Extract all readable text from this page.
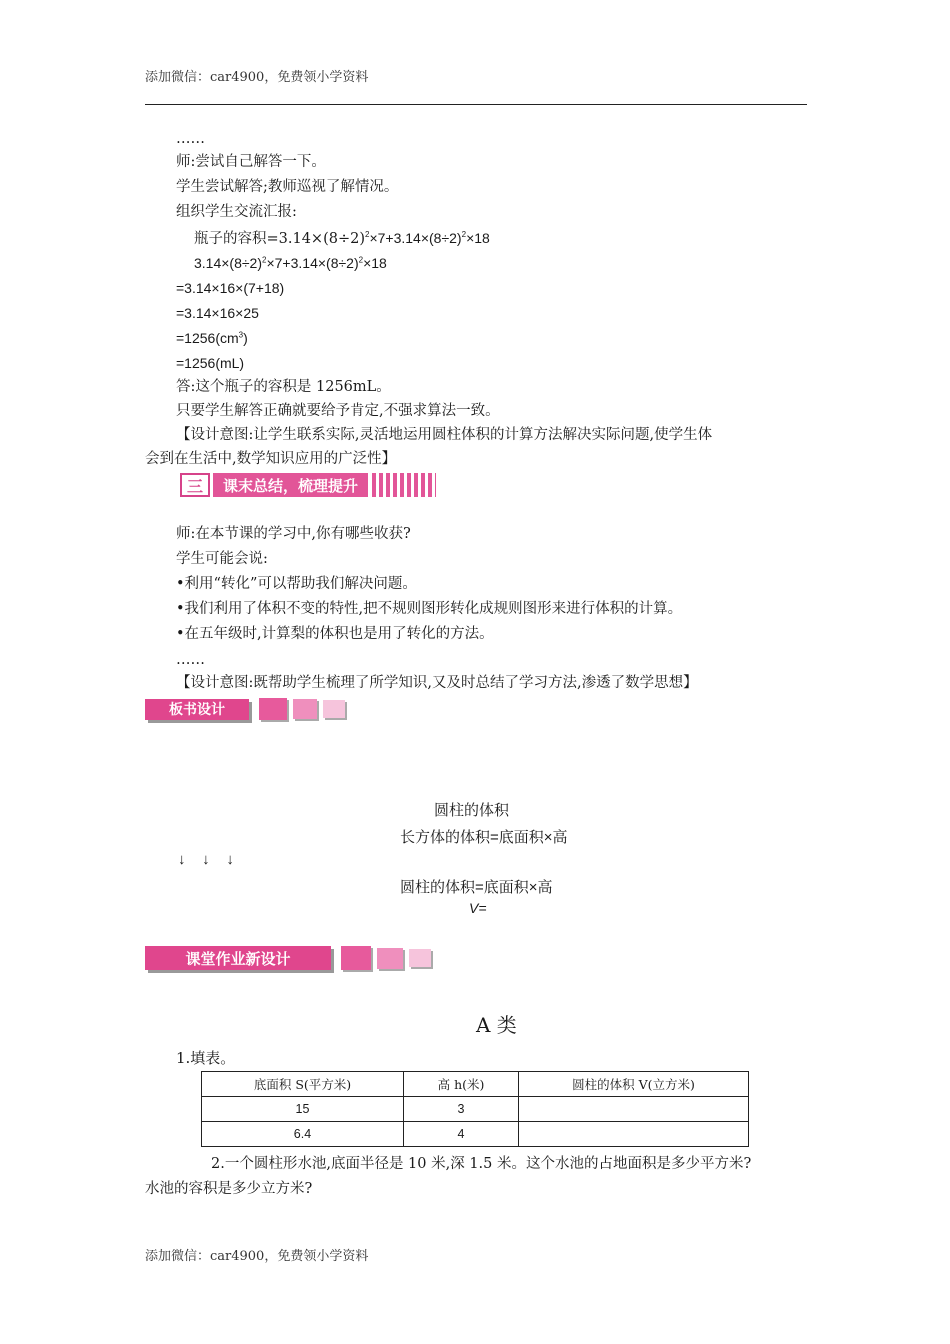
添加微信：car4900，免费领小学资料
……
师:尝试自己解答一下。
学生尝试解答;教师巡视了解情况。
组织学生交流汇报:
瓶子的容积$=3.14\times(8\div 2)^2\times 7+3.14\times(8\div 2)^2\times 18$
$3.14\times(8\div 2)^2\times 7+3.14\times(8\div 2)^2\times 18$
=3.14×16×(7+18)
=3.14×16×25
$=1256(cm^3)$
=1256(mL)
答:这个瓶子的容积是 1256mL。
只要学生解答正确就要给予肯定,不强求算法一致。
【设计意图:让学生联系实际,灵活地运用圆柱体积的计算方法解决实际问题,使学生体
会到在生活中,数学知识应用的广泛性】
三	课末总结，梳理提升
师:在本节课的学习中,你有哪些收获?
学生可能会说:
•利用“转化”可以帮助我们解决问题。
•我们利用了体积不变的特性,把不规则图形转化成规则图形来进行体积的计算。
•在五年级时,计算梨的体积也是用了转化的方法。
……
【设计意图:既帮助学生梳理了所学知识,又及时总结了学习方法,渗透了数学思想】
板书设计
圆柱的体积
长方体的体积=底面积×高
↓    ↓    ↓
圆柱的体积=底面积×高
V=
课堂作业新设计
A 类
1.填表。
底面积 S(平方米)	高 h(米)	圆柱的体积 V(立方米)
15	3	
6.4	4	
2.一个圆柱形水池,底面半径是 10 米,深 1.5 米。这个水池的占地面积是多少平方米?
水池的容积是多少立方米?
添加微信：car4900，免费领小学资料
